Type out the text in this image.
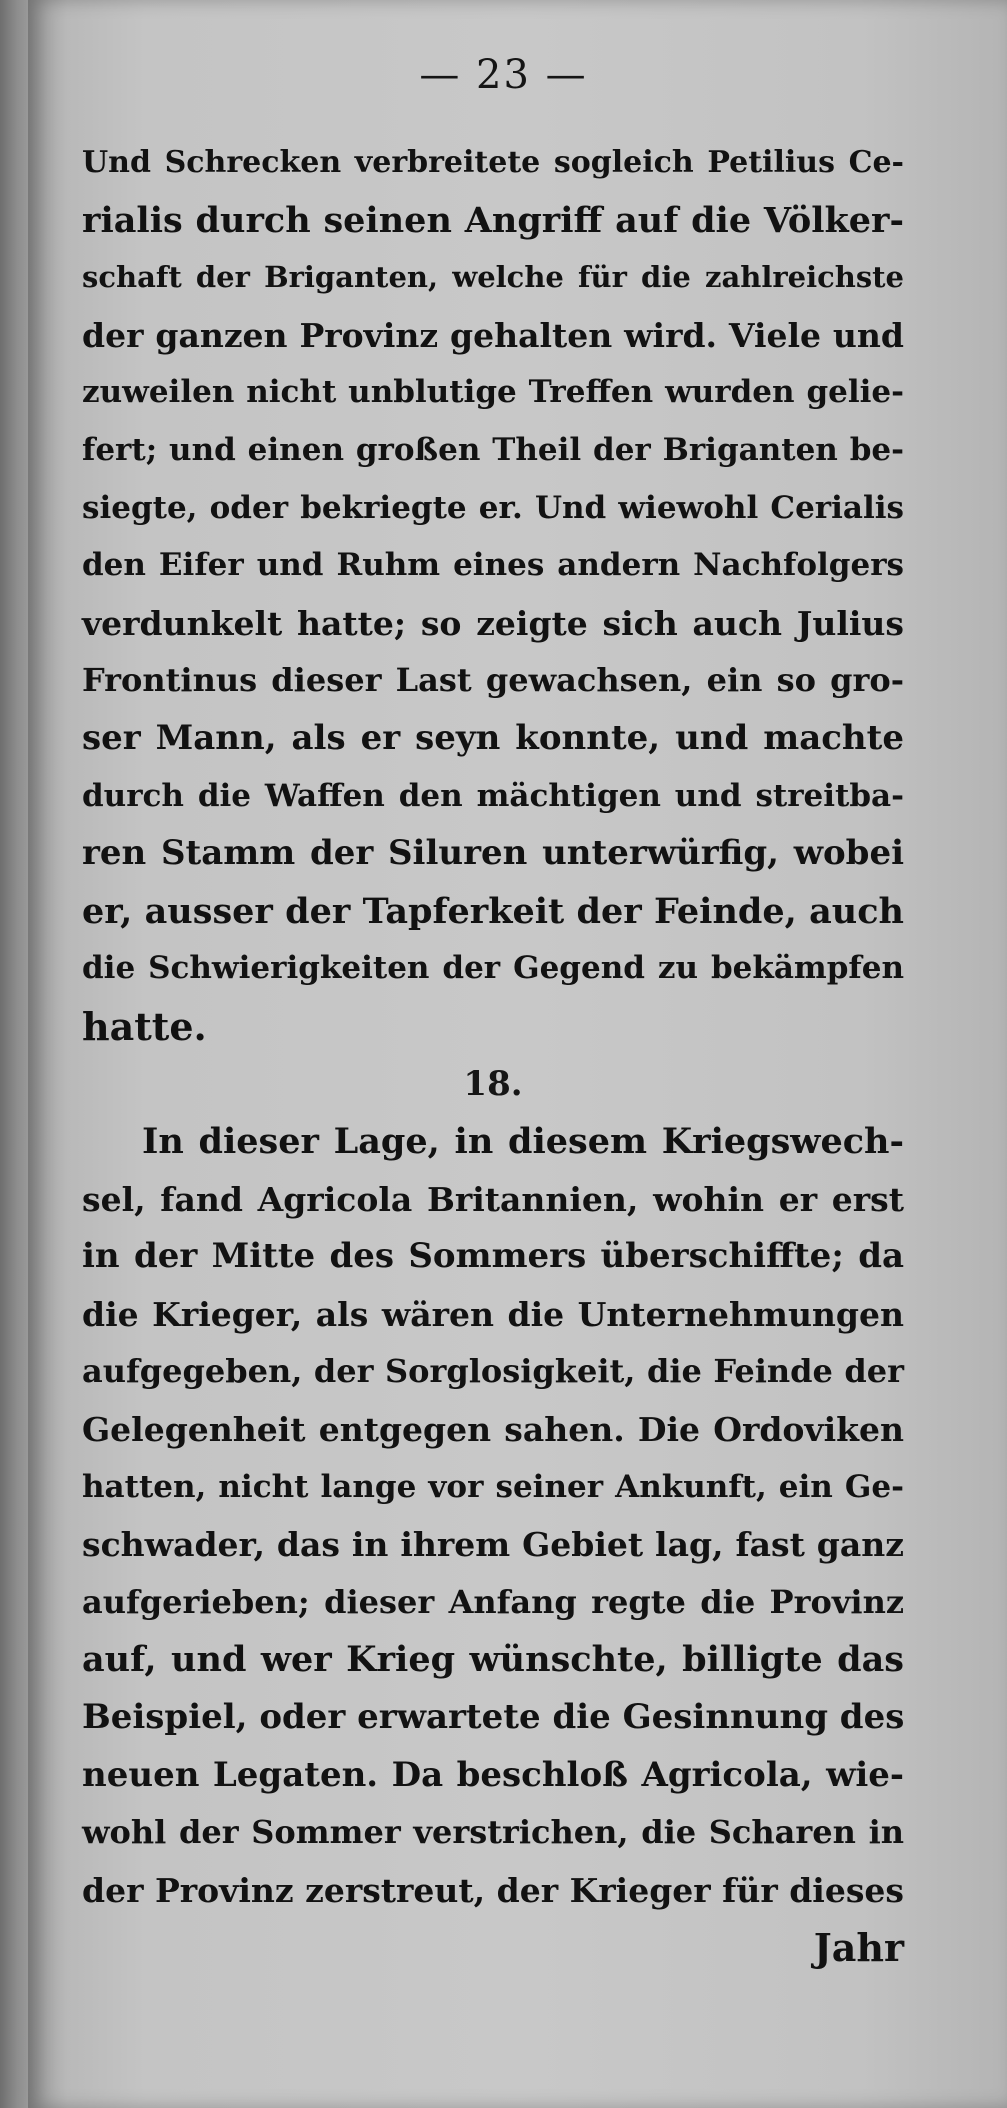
— 23 —
Und Schrecken verbreitete sogleich Petilius Ce-
rialis durch seinen Angriff auf die Völker-
schaft der Briganten, welche für die zahlreichste
der ganzen Provinz gehalten wird. Viele und
zuweilen nicht unblutige Treffen wurden gelie-
fert; und einen großen Theil der Briganten be-
siegte, oder bekriegte er. Und wiewohl Cerialis
den Eifer und Ruhm eines andern Nachfolgers
verdunkelt hatte; so zeigte sich auch Julius
Frontinus dieser Last gewachsen, ein so gro-
ser Mann, als er seyn konnte, und machte
durch die Waffen den mächtigen und streitba-
ren Stamm der Siluren unterwürfig, wobei
er, ausser der Tapferkeit der Feinde, auch
die Schwierigkeiten der Gegend zu bekämpfen
hatte.
18.
In dieser Lage, in diesem Kriegswech-
sel, fand Agricola Britannien, wohin er erst
in der Mitte des Sommers überschiffte; da
die Krieger, als wären die Unternehmungen
aufgegeben, der Sorglosigkeit, die Feinde der
Gelegenheit entgegen sahen. Die Ordoviken
hatten, nicht lange vor seiner Ankunft, ein Ge-
schwader, das in ihrem Gebiet lag, fast ganz
aufgerieben; dieser Anfang regte die Provinz
auf, und wer Krieg wünschte, billigte das
Beispiel, oder erwartete die Gesinnung des
neuen Legaten. Da beschloß Agricola, wie-
wohl der Sommer verstrichen, die Scharen in
der Provinz zerstreut, der Krieger für dieses
Jahr
